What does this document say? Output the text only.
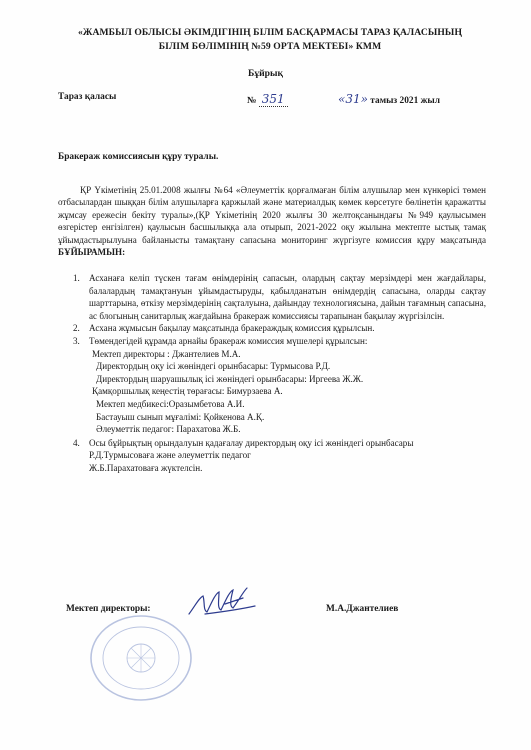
«ЖАМБЫЛ ОБЛЫСЫ ӘКІМДІГІНІҢ БІЛІМ БАСҚАРМАСЫ ТАРАЗ ҚАЛАСЫНЫҢ
БІЛІМ БӨЛІМІНІҢ №59 ОРТА МЕКТЕБІ» КММ
Бұйрық
Тараз қаласы	№ 351	«31» тамыз 2021 жыл
Бракераж комиссиясын құру туралы.
ҚР Үкіметінің 25.01.2008 жылғы №64 «Әлеуметтік қорғалмаған білім алушылар мен күнкөрісі төмен отбасылардан шыққан білім алушыларға қаржылай және материалдық көмек көрсетуге бөлінетін қаражатты жұмсау ережесін бекіту туралы»,(ҚР Үкіметінің 2020 жылғы 30 желтоқсанындағы №949 қаулысымен өзгерістер енгізілген) қаулысын басшылыққа ала отырып, 2021-2022 оқу жылына мектепте ыстық тамақ ұйымдастырылуына байланысты тамақтану сапасына мониторинг жүргізуге комиссия құру мақсатында БҰЙЫРАМЫН:
1. Асханаға келіп түскен тағам өнімдерінің сапасын, олардың сақтау мерзімдері мен жағдайлары, балалардың тамақтануын ұйымдастыруды, қабылданатын өнімдердің сапасына, оларды сақтау шарттарына, өткізу мерзімдерінің сақталуына, дайындау технологиясына, дайын тағамның сапасына, ас блогының санитарлық жағдайына бракераж комиссиясы тарапынан бақылау жүргізілсін.
2. Асхана жұмысын бақылау мақсатында бракераждық комиссия құрылсын.
3. Төмендегідей құрамда арнайы бракераж комиссия мүшелері құрылсын:
Мектеп директоры : Джантелиев М.А.
Директордың оқу ісі жөніндегі орынбасары: Турмысова Р.Д.
Директордың шаруашылық ісі жөніндегі орынбасары: Иргеева Ж.Ж.
Қамқоршылық кеңестің төрағасы: Бимурзаева А.
Мектеп медбикесі:Оразымбетова А.И.
Бастауыш сынып мұғалімі: Қойкенова А.Қ.
Әлеуметтік педагог: Парахатова Ж.Б.
4. Осы бұйрықтың орындалуын қадағалау директордың оқу ісі жөніндегі орынбасары
Р.Д.Турмысоваға және әлеуметтік педагог
Ж.Б.Парахатоваға жүктелсін.
Мектеп директоры:	М.А.Джантелиев
